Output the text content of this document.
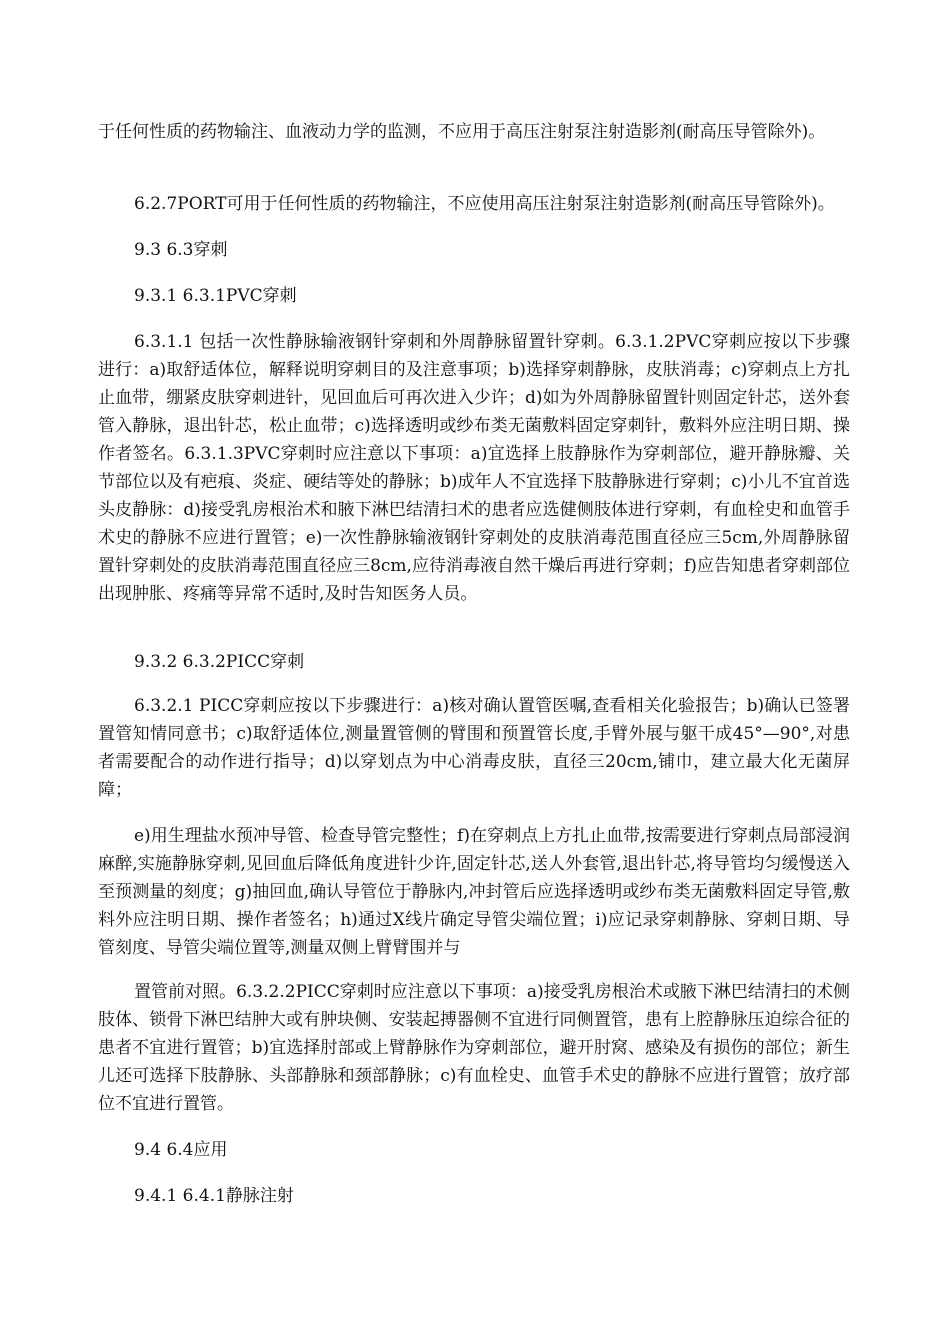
于任何性质的药物输注、血液动力学的监测，不应用于高压注射泵注射造影剂(耐高压导管除外)。

6.2.7PORT可用于任何性质的药物输注，不应使用高压注射泵注射造影剂(耐高压导管除外)。

9.3 6.3穿刺

9.3.1 6.3.1PVC穿刺

6.3.1.1 包括一次性静脉输液钢针穿刺和外周静脉留置针穿刺。6.3.1.2PVC穿刺应按以下步骤进行：a)取舒适体位，解释说明穿刺目的及注意事项；b)选择穿刺静脉，皮肤消毒；c)穿刺点上方扎止血带，绷紧皮肤穿刺进针，见回血后可再次进入少许；d)如为外周静脉留置针则固定针芯，送外套管入静脉，退出针芯，松止血带；c)选择透明或纱布类无菌敷料固定穿刺针，敷料外应注明日期、操作者签名。6.3.1.3PVC穿刺时应注意以下事项：a)宜选择上肢静脉作为穿刺部位，避开静脉瓣、关节部位以及有疤痕、炎症、硬结等处的静脉；b)成年人不宜选择下肢静脉进行穿刺；c)小儿不宜首选头皮静脉：d)接受乳房根治术和腋下淋巴结清扫术的患者应选健侧肢体进行穿刺，有血栓史和血管手术史的静脉不应进行置管；e)一次性静脉输液钢针穿刺处的皮肤消毒范围直径应三5cm,外周静脉留置针穿刺处的皮肤消毒范围直径应三8cm,应待消毒液自然干燥后再进行穿刺；f)应告知患者穿刺部位出现肿胀、疼痛等异常不适时,及时告知医务人员。

9.3.2 6.3.2PICC穿刺

6.3.2.1 PICC穿刺应按以下步骤进行：a)核对确认置管医嘱,查看相关化验报告；b)确认已签署置管知情同意书；c)取舒适体位,测量置管侧的臂围和预置管长度,手臂外展与躯干成45°—90°,对患者需要配合的动作进行指导；d)以穿划点为中心消毒皮肤，直径三20cm,铺巾，建立最大化无菌屏障；

e)用生理盐水预冲导管、检查导管完整性；f)在穿刺点上方扎止血带,按需要进行穿刺点局部浸润麻醉,实施静脉穿刺,见回血后降低角度进针少许,固定针芯,送人外套管,退出针芯,将导管均匀缓慢送入至预测量的刻度；g)抽回血,确认导管位于静脉内,冲封管后应选择透明或纱布类无菌敷料固定导管,敷料外应注明日期、操作者签名；h)通过X线片确定导管尖端位置；i)应记录穿刺静脉、穿刺日期、导管刻度、导管尖端位置等,测量双侧上臂臂围并与

置管前对照。6.3.2.2PICC穿刺时应注意以下事项：a)接受乳房根治术或腋下淋巴结清扫的术侧肢体、锁骨下淋巴结肿大或有肿块侧、安装起搏器侧不宜进行同侧置管，患有上腔静脉压迫综合征的患者不宜进行置管；b)宜选择肘部或上臂静脉作为穿刺部位，避开肘窝、感染及有损伤的部位；新生儿还可选择下肢静脉、头部静脉和颈部静脉；c)有血栓史、血管手术史的静脉不应进行置管；放疗部位不宜进行置管。

9.4 6.4应用

9.4.1 6.4.1静脉注射
